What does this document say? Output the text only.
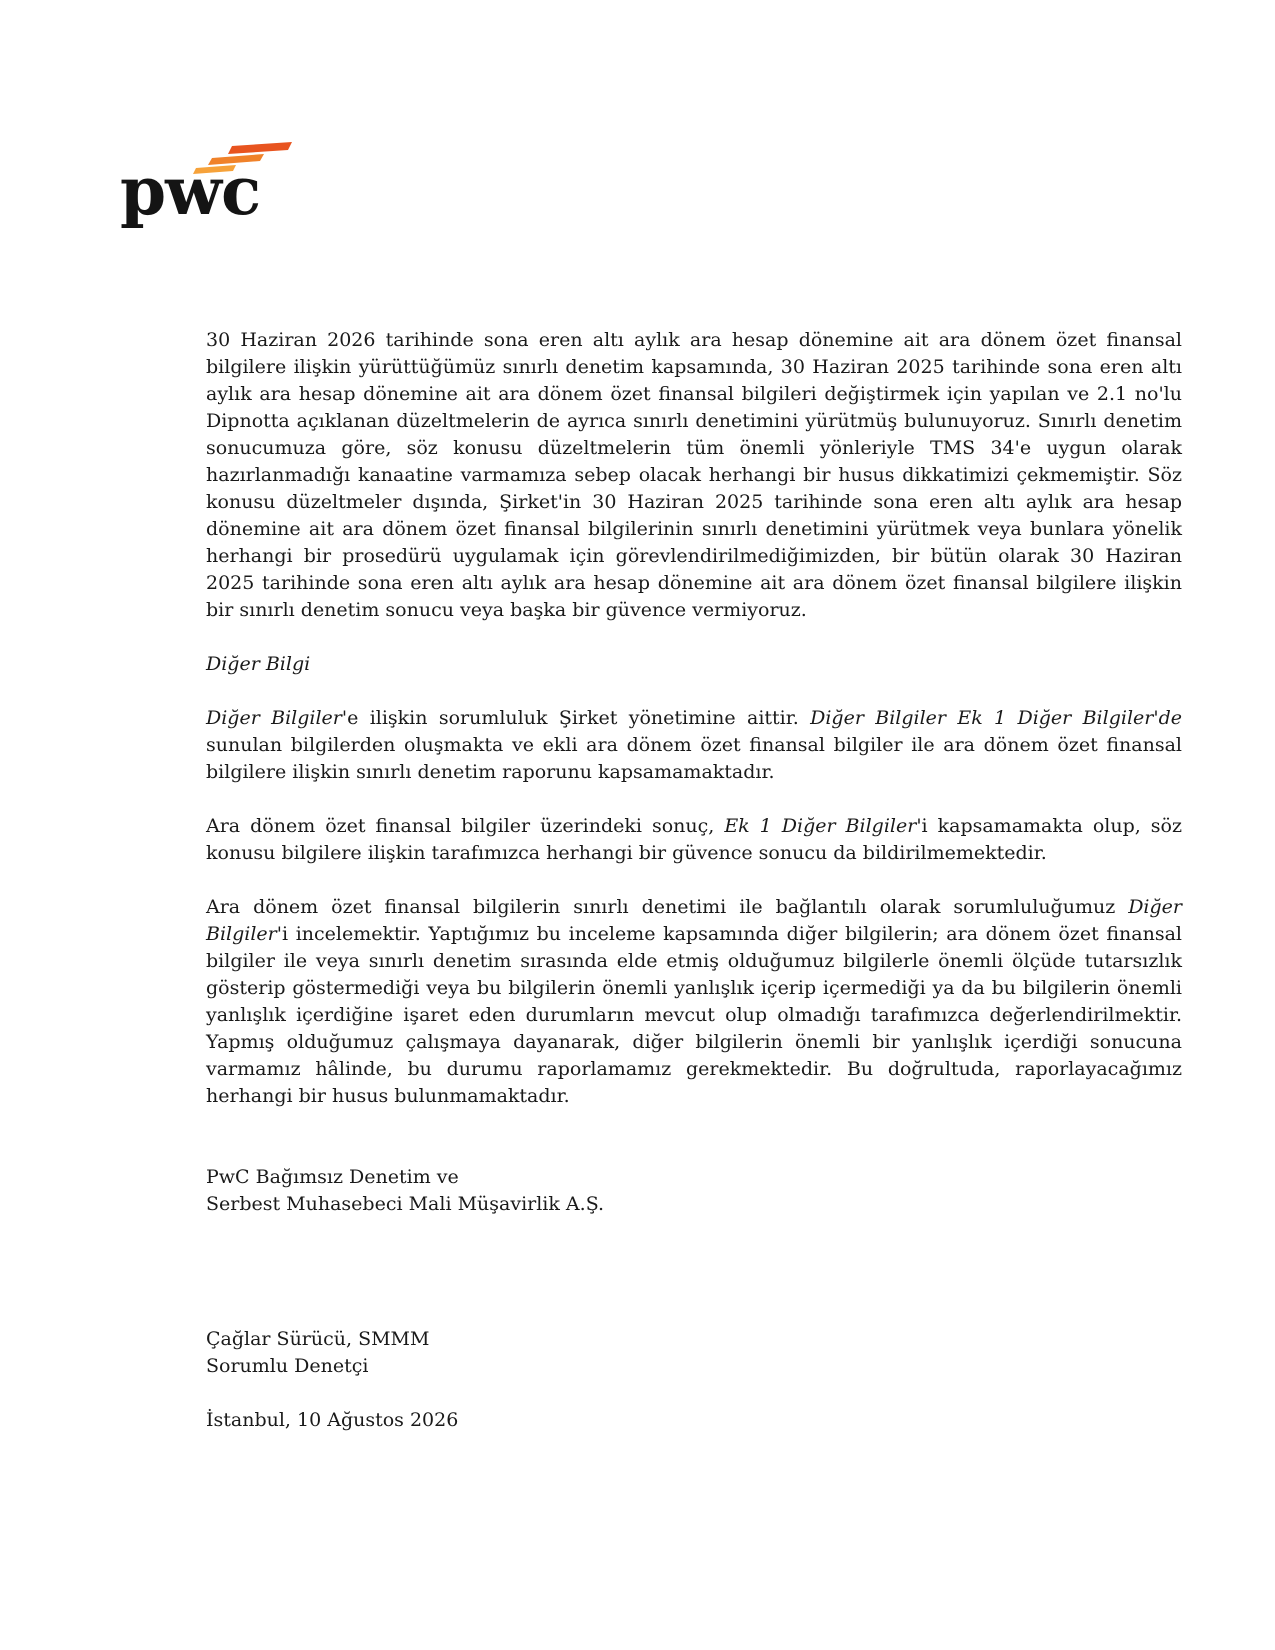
pwc

30 Haziran 2026 tarihinde sona eren altı aylık ara hesap dönemine ait ara dönem özet finansal bilgilere ilişkin yürüttüğümüz sınırlı denetim kapsamında, 30 Haziran 2025 tarihinde sona eren altı aylık ara hesap dönemine ait ara dönem özet finansal bilgileri değiştirmek için yapılan ve 2.1 no'lu Dipnotta açıklanan düzeltmelerin de ayrıca sınırlı denetimini yürütmüş bulunuyoruz. Sınırlı denetim sonucumuza göre, söz konusu düzeltmelerin tüm önemli yönleriyle TMS 34'e uygun olarak hazırlanmadığı kanaatine varmamıza sebep olacak herhangi bir husus dikkatimizi çekmemiştir. Söz konusu düzeltmeler dışında, Şirket'in 30 Haziran 2025 tarihinde sona eren altı aylık ara hesap dönemine ait ara dönem özet finansal bilgilerinin sınırlı denetimini yürütmek veya bunlara yönelik herhangi bir prosedürü uygulamak için görevlendirilmediğimizden, bir bütün olarak 30 Haziran 2025 tarihinde sona eren altı aylık ara hesap dönemine ait ara dönem özet finansal bilgilere ilişkin bir sınırlı denetim sonucu veya başka bir güvence vermiyoruz.

Diğer Bilgi

Diğer Bilgiler'e ilişkin sorumluluk Şirket yönetimine aittir. Diğer Bilgiler Ek 1 Diğer Bilgiler'de sunulan bilgilerden oluşmakta ve ekli ara dönem özet finansal bilgiler ile ara dönem özet finansal bilgilere ilişkin sınırlı denetim raporunu kapsamamaktadır.

Ara dönem özet finansal bilgiler üzerindeki sonuç, Ek 1 Diğer Bilgiler'i kapsamamakta olup, söz konusu bilgilere ilişkin tarafımızca herhangi bir güvence sonucu da bildirilmemektedir.

Ara dönem özet finansal bilgilerin sınırlı denetimi ile bağlantılı olarak sorumluluğumuz Diğer Bilgiler'i incelemektir. Yaptığımız bu inceleme kapsamında diğer bilgilerin; ara dönem özet finansal bilgiler ile veya sınırlı denetim sırasında elde etmiş olduğumuz bilgilerle önemli ölçüde tutarsızlık gösterip göstermediği veya bu bilgilerin önemli yanlışlık içerip içermediği ya da bu bilgilerin önemli yanlışlık içerdiğine işaret eden durumların mevcut olup olmadığı tarafımızca değerlendirilmektir. Yapmış olduğumuz çalışmaya dayanarak, diğer bilgilerin önemli bir yanlışlık içerdiği sonucuna varmamız hâlinde, bu durumu raporlamamız gerekmektedir. Bu doğrultuda, raporlayacağımız herhangi bir husus bulunmamaktadır.

PwC Bağımsız Denetim ve
Serbest Muhasebeci Mali Müşavirlik A.Ş.
Çağlar Sürücü, SMMM
Sorumlu Denetçi
İstanbul, 10 Ağustos 2026
